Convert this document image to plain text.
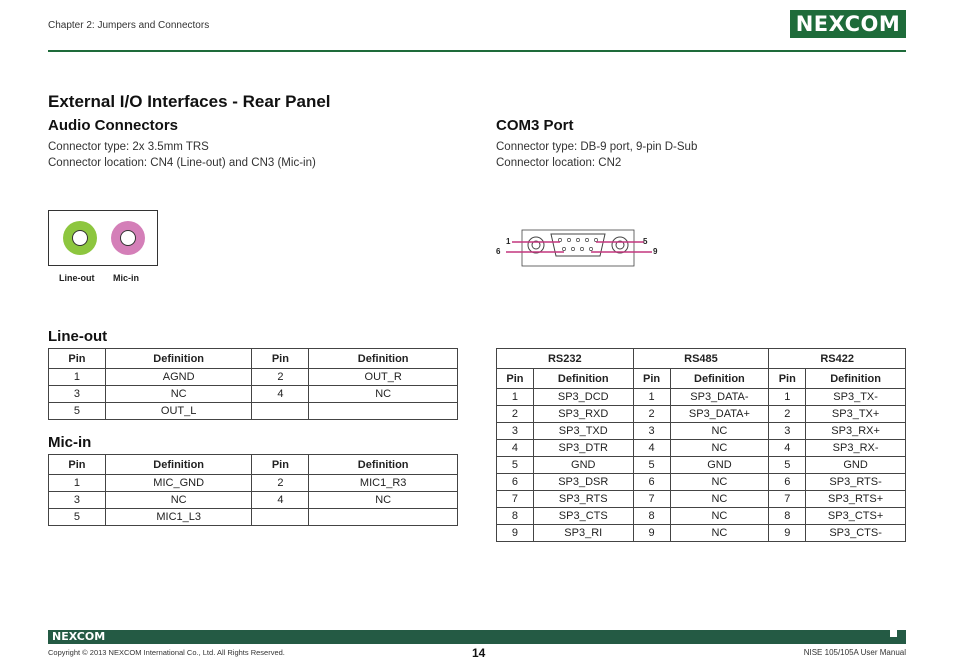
Chapter 2: Jumpers and Connectors	NEXCOM
External I/O Interfaces - Rear Panel
Audio Connectors
Connector type: 2x 3.5mm TRS
Connector location: CN4 (Line-out) and CN3 (Mic-in)
Line-out Mic-in
COM3 Port
Connector type: DB-9 port, 9-pin D-Sub
Connector location: CN2
1	5
6	9
Line-out
Pin	Definition	Pin	Definition
1	AGND	2	OUT_R
3	NC	4	NC
5	OUT_L		
Mic-in
Pin	Definition	Pin	Definition
1	MIC_GND	2	MIC1_R3
3	NC	4	NC
5	MIC1_L3		
RS232		RS485		RS422	
Pin	Definition	Pin	Definition	Pin	Definition
1	SP3_DCD	1	SP3_DATA-	1	SP3_TX-
2	SP3_RXD	2	SP3_DATA+	2	SP3_TX+
3	SP3_TXD	3	NC	3	SP3_RX+
4	SP3_DTR	4	NC	4	SP3_RX-
5	GND	5	GND	5	GND
6	SP3_DSR	6	NC	6	SP3_RTS-
7	SP3_RTS	7	NC	7	SP3_RTS+
8	SP3_CTS	8	NC	8	SP3_CTS+
9	SP3_RI	9	NC	9	SP3_CTS-
NEXCOM
Copyright © 2013 NEXCOM International Co., Ltd. All Rights Reserved.	14	NISE 105/105A User Manual
